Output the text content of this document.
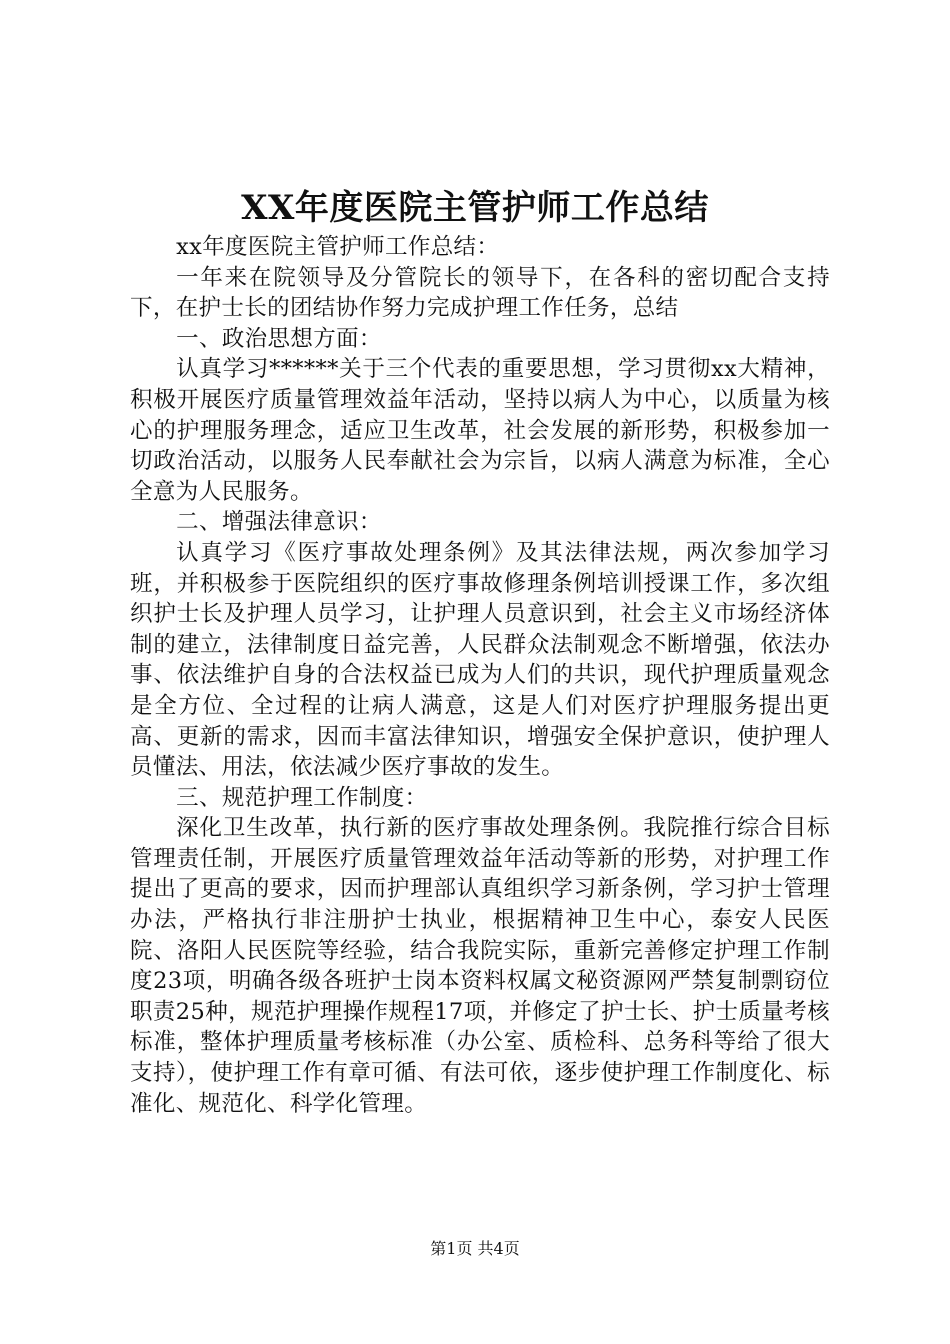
XX年度医院主管护师工作总结

xx年度医院主管护师工作总结：

一年来在院领导及分管院长的领导下，在各科的密切配合支持下，在护士长的团结协作努力完成护理工作任务，总结

一、政治思想方面：

认真学习******关于三个代表的重要思想，学习贯彻xx大精神，积极开展医疗质量管理效益年活动，坚持以病人为中心，以质量为核心的护理服务理念，适应卫生改革，社会发展的新形势，积极参加一切政治活动，以服务人民奉献社会为宗旨，以病人满意为标准，全心全意为人民服务。

二、增强法律意识：

认真学习《医疗事故处理条例》及其法律法规，两次参加学习班，并积极参于医院组织的医疗事故修理条例培训授课工作，多次组织护士长及护理人员学习，让护理人员意识到，社会主义市场经济体制的建立，法律制度日益完善，人民群众法制观念不断增强，依法办事、依法维护自身的合法权益已成为人们的共识，现代护理质量观念是全方位、全过程的让病人满意，这是人们对医疗护理服务提出更高、更新的需求，因而丰富法律知识，增强安全保护意识，使护理人员懂法、用法，依法减少医疗事故的发生。

三、规范护理工作制度：

深化卫生改革，执行新的医疗事故处理条例。我院推行综合目标管理责任制，开展医疗质量管理效益年活动等新的形势，对护理工作提出了更高的要求，因而护理部认真组织学习新条例，学习护士管理办法，严格执行非注册护士执业，根据精神卫生中心，泰安人民医院、洛阳人民医院等经验，结合我院实际，重新完善修定护理工作制度23项，明确各级各班护士岗本资料权属文秘资源网严禁复制剽窃位职责25种，规范护理操作规程17项，并修定了护士长、护士质量考核标准，整体护理质量考核标准（办公室、质检科、总务科等给了很大支持），使护理工作有章可循、有法可依，逐步使护理工作制度化、标准化、规范化、科学化管理。

第1页 共4页
